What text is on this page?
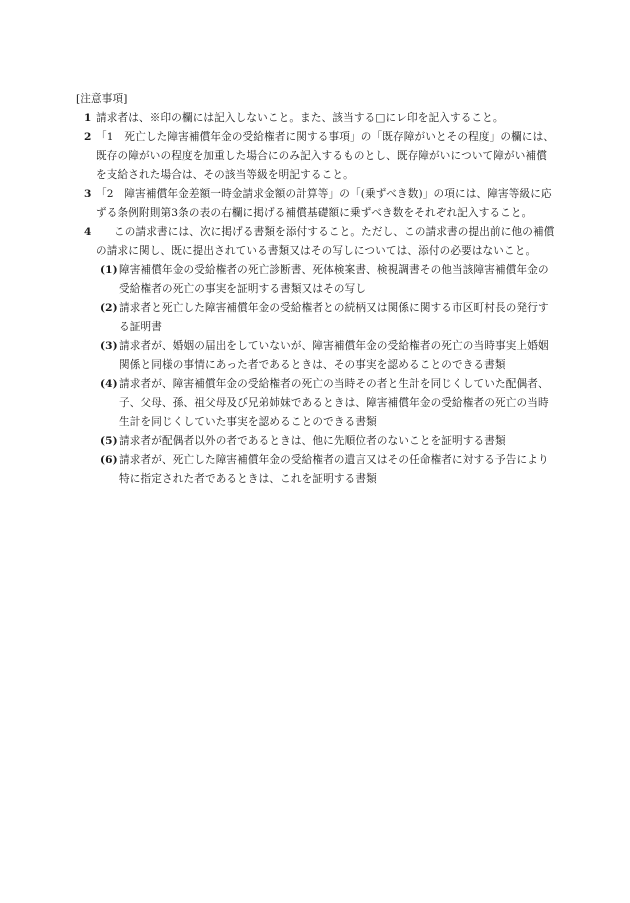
[注意事項]
1 請求者は、※印の欄には記入しないこと。また、該当する□にレ印を記入すること。
2 「1　死亡した障害補償年金の受給権者に関する事項」の「既存障がいとその程度」の欄には、既存の障がいの程度を加重した場合にのみ記入するものとし、既存障がいについて障がい補償を支給された場合は、その該当等級を明記すること。
3 「2　障害補償年金差額一時金請求金額の計算等」の「(乗ずべき数)」の項には、障害等級に応ずる条例附則第3条の表の右欄に掲げる補償基礎額に乗ずべき数をそれぞれ記入すること。
4	この請求書には、次に掲げる書類を添付すること。ただし、この請求書の提出前に他の補償の請求に関し、既に提出されている書類又はその写しについては、添付の必要はないこと。
(1) 障害補償年金の受給権者の死亡診断書、死体検案書、検視調書その他当該障害補償年金の受給権者の死亡の事実を証明する書類又はその写し
(2) 請求者と死亡した障害補償年金の受給権者との続柄又は関係に関する市区町村長の発行する証明書
(3) 請求者が、婚姻の届出をしていないが、障害補償年金の受給権者の死亡の当時事実上婚姻関係と同様の事情にあった者であるときは、その事実を認めることのできる書類
(4) 請求者が、障害補償年金の受給権者の死亡の当時その者と生計を同じくしていた配偶者、子、父母、孫、祖父母及び兄弟姉妹であるときは、障害補償年金の受給権者の死亡の当時生計を同じくしていた事実を認めることのできる書類
(5) 請求者が配偶者以外の者であるときは、他に先順位者のないことを証明する書類
(6) 請求者が、死亡した障害補償年金の受給権者の遺言又はその任命権者に対する予告により特に指定された者であるときは、これを証明する書類
